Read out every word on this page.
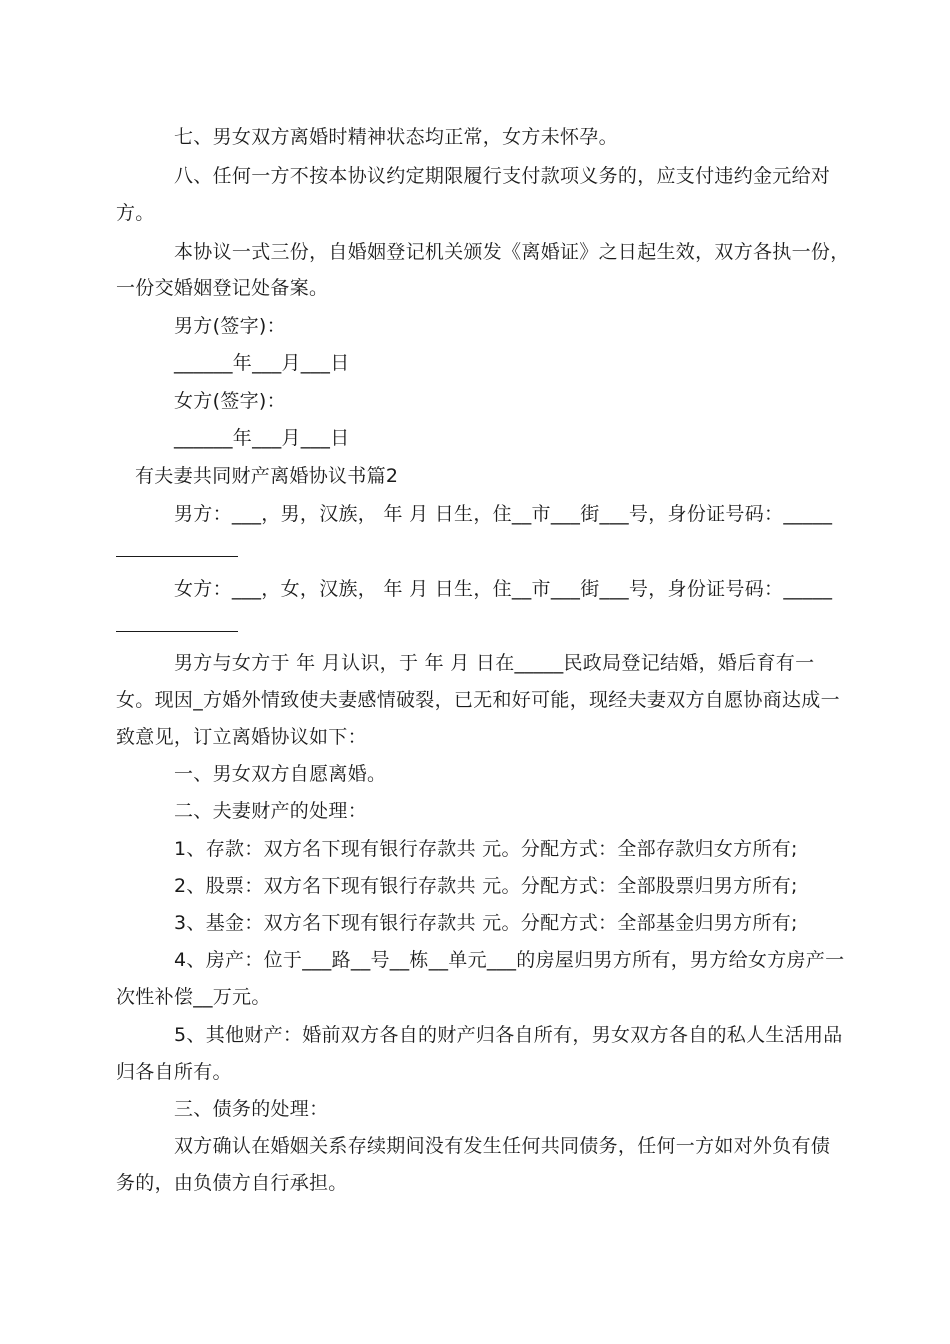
七、男女双方离婚时精神状态均正常，女方未怀孕。
八、任何一方不按本协议约定期限履行支付款项义务的，应支付违约金元给对
方。
本协议一式三份，自婚姻登记机关颁发《离婚证》之日起生效，双方各执一份，
一份交婚姻登记处备案。
男方(签字)：
______年___月___日
女方(签字)：
______年___月___日
有夫妻共同财产离婚协议书篇2
男方：___，男，汉族， 年 月 日生，住__市___街___号，身份证号码：_____
女方：___，女，汉族， 年 月 日生，住__市___街___号，身份证号码：_____
男方与女方于 年 月认识，于 年 月 日在_____民政局登记结婚，婚后育有一
女。现因_方婚外情致使夫妻感情破裂，已无和好可能，现经夫妻双方自愿协商达成一
致意见，订立离婚协议如下：
一、男女双方自愿离婚。
二、夫妻财产的处理：
1、存款：双方名下现有银行存款共 元。分配方式：全部存款归女方所有;
2、股票：双方名下现有银行存款共 元。分配方式：全部股票归男方所有;
3、基金：双方名下现有银行存款共 元。分配方式：全部基金归男方所有;
4、房产：位于___路__号__栋__单元___的房屋归男方所有，男方给女方房产一
次性补偿__万元。
5、其他财产：婚前双方各自的财产归各自所有，男女双方各自的私人生活用品
归各自所有。
三、债务的处理：
双方确认在婚姻关系存续期间没有发生任何共同债务，任何一方如对外负有债
务的，由负债方自行承担。
